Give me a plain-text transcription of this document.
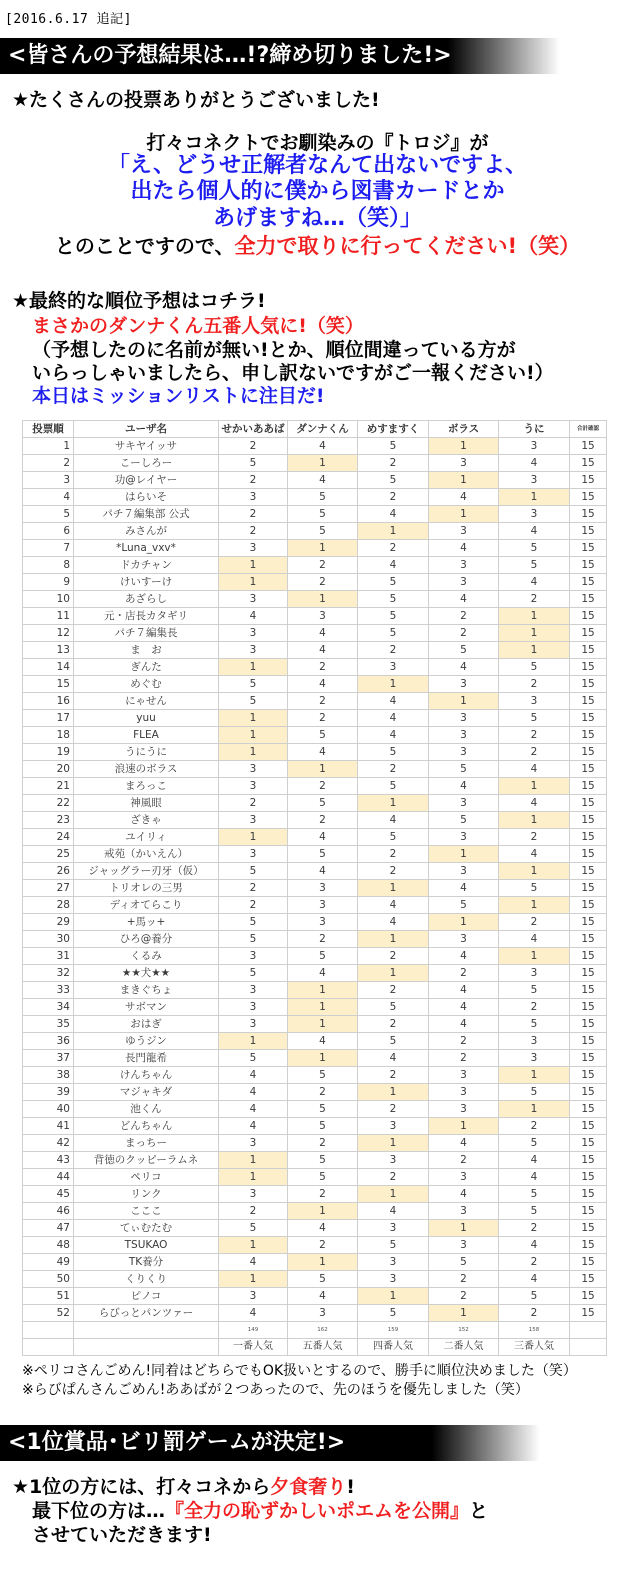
[2016.6.17 追記]
<皆さんの予想結果は…!?締め切りました!>
★たくさんの投票ありがとうございました!
打々コネクトでお馴染みの『トロジ』が
「え、どうせ正解者なんて出ないですよ、
出たら個人的に僕から図書カードとか
あげますね…（笑）」
とのことですので、全力で取りに行ってください!（笑）
★最終的な順位予想はコチラ!
まさかのダンナくん五番人気に!（笑）
（予想したのに名前が無い!とか、順位間違っている方が
いらっしゃいましたら、申し訳ないですがご一報ください!）
本日はミッションリストに注目だ!
投票順	ユーザ名	せかいああば	ダンナくん	めすますく	ボラス	うに	合計確認
1	サキヤイッサ	2	4	5	1	3	15
2	こーしろー	5	1	2	3	4	15
3	功@レイヤー	2	4	5	1	3	15
4	はらいそ	3	5	2	4	1	15
5	パチ７編集部 公式	2	5	4	1	3	15
6	みさんが	2	5	1	3	4	15
7	*Luna_vxv*	3	1	2	4	5	15
8	ドカチャン	1	2	4	3	5	15
9	けいすーけ	1	2	5	3	4	15
10	あざらし	3	1	5	4	2	15
11	元・店長カタギリ	4	3	5	2	1	15
12	パチ７編集長	3	4	5	2	1	15
13	ま　お	3	4	2	5	1	15
14	ぎんた	1	2	3	4	5	15
15	めぐむ	5	4	1	3	2	15
16	にゃせん	5	2	4	1	3	15
17	yuu	1	2	4	3	5	15
18	FLEA	1	5	4	3	2	15
19	うにうに	1	4	5	3	2	15
20	浪速のボラス	3	1	2	5	4	15
21	まろっこ	3	2	5	4	1	15
22	神風眼	2	5	1	3	4	15
23	ざきゃ	3	2	4	5	1	15
24	ユイリィ	1	4	5	3	2	15
25	戒苑（かいえん）	3	5	2	1	4	15
26	ジャッグラー刃牙（仮）	5	4	2	3	1	15
27	トリオレの三男	2	3	1	4	5	15
28	ディオてらこり	2	3	4	5	1	15
29	+馬ッ+	5	3	4	1	2	15
30	ひろ@養分	5	2	1	3	4	15
31	くるみ	3	5	2	4	1	15
32	★★犬★★	5	4	1	2	3	15
33	まきぐちょ	3	1	2	4	5	15
34	サボマン	3	1	5	4	2	15
35	おはぎ	3	1	2	4	5	15
36	ゆうジン	1	4	5	2	3	15
37	長門龍希	5	1	4	2	3	15
38	けんちゃん	4	5	2	3	1	15
39	マジャキダ	4	2	1	3	5	15
40	池くん	4	5	2	3	1	15
41	どんちゃん	4	5	3	1	2	15
42	まっちー	3	2	1	4	5	15
43	背徳のクッピーラムネ	1	5	3	2	4	15
44	ペリコ	1	5	2	3	4	15
45	リンク	3	2	1	4	5	15
46	こここ	2	1	4	3	5	15
47	てぃむたむ	5	4	3	1	2	15
48	TSUKAO	1	2	5	3	4	15
49	TK養分	4	1	3	5	2	15
50	くりくり	1	5	3	2	4	15
51	ピノコ	3	4	1	2	5	15
52	らびっとパンツァー	4	3	5	1	2	15
		149	162	159	152	158	
		一番人気	五番人気	四番人気	二番人気	三番人気	
※ペリコさんごめん!同着はどちらでもOK扱いとするので、勝手に順位決めました（笑）
※らびぱんさんごめん!ああばが２つあったので、先のほうを優先しました（笑）
<1位賞品･ビリ罰ゲームが決定!>
★1位の方には、打々コネから夕食奢り!
最下位の方は…『全力の恥ずかしいポエムを公開』と
させていただきます!
